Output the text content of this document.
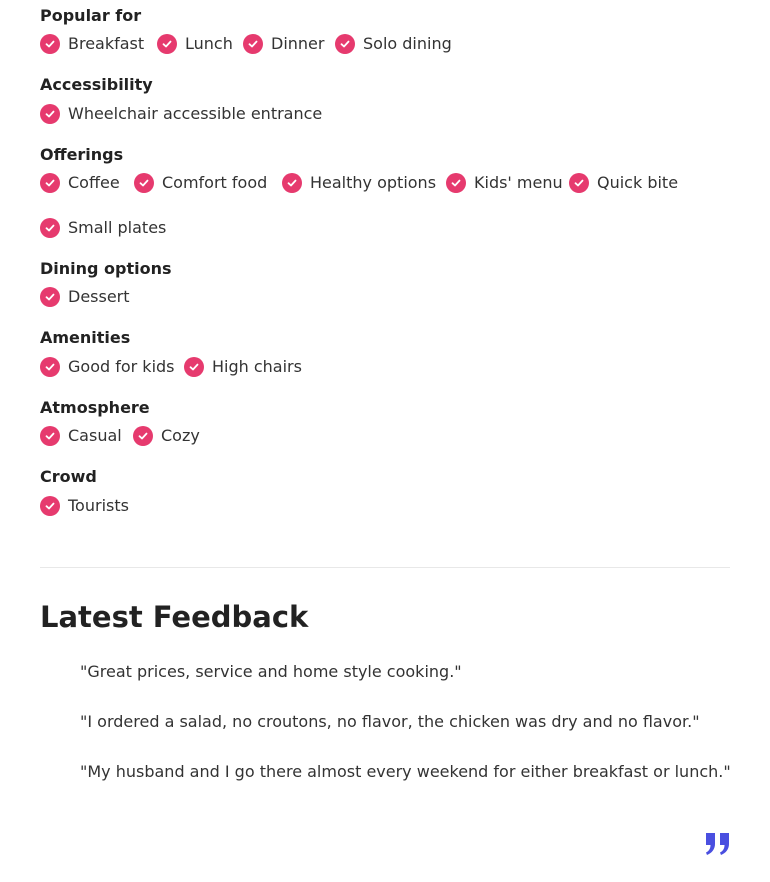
Popular for
Breakfast	Lunch Dinner Solo dining
Accessibility
Wheelchair accessible entrance
Offerings
Coffee	Comfort food	Healthy options Kids' menu Quick bite
Small plates
Dining options
Dessert
Amenities
Good for kids High chairs
Atmosphere
Casual Cozy
Crowd
Tourists
Latest Feedback
"Great prices, service and home style cooking."
"I ordered a salad, no croutons, no flavor, the chicken was dry and no flavor."
"My husband and I go there almost every weekend for either breakfast or lunch."
